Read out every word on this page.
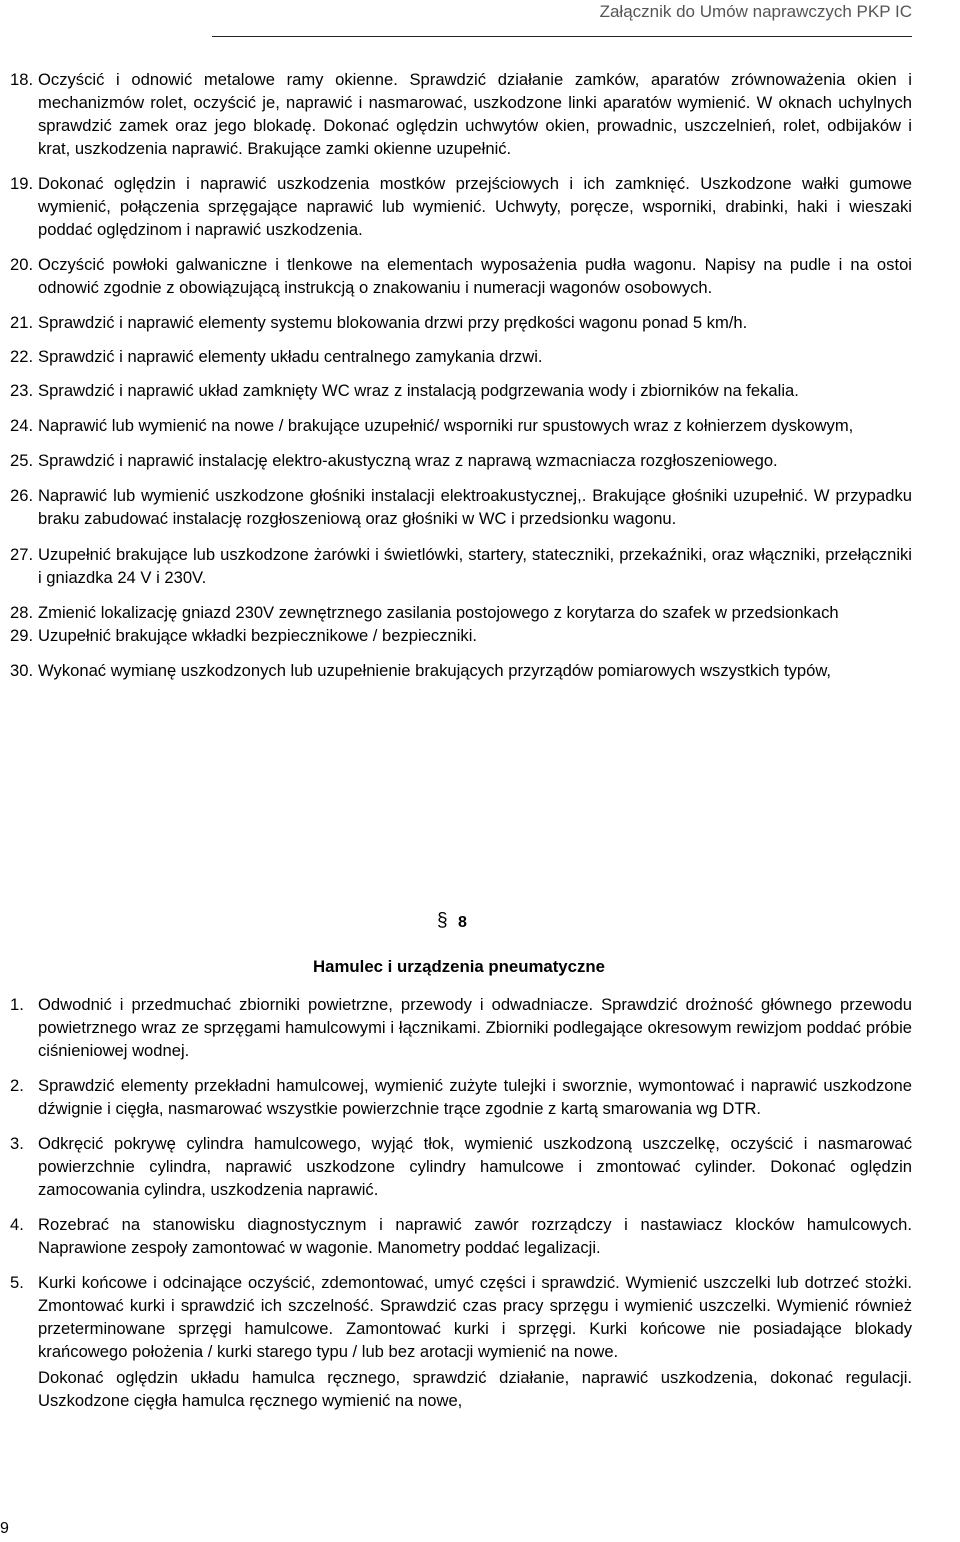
Załącznik do Umów naprawczych PKP IC
18. Oczyścić i odnowić metalowe ramy okienne. Sprawdzić działanie zamków, aparatów zrównoważenia okien i mechanizmów rolet, oczyścić je, naprawić i nasmarować, uszkodzone linki aparatów wymienić. W oknach uchylnych sprawdzić zamek oraz jego blokadę. Dokonać oględzin uchwytów okien, prowadnic, uszczelnień, rolet, odbijaków i krat, uszkodzenia naprawić. Brakujące zamki okienne uzupełnić.
19. Dokonać oględzin i naprawić uszkodzenia mostków przejściowych i ich zamknięć. Uszkodzone wałki gumowe wymienić, połączenia sprzęgające naprawić lub wymienić. Uchwyty, poręcze, wsporniki, drabinki, haki i wieszaki poddać oględzinom i naprawić uszkodzenia.
20. Oczyścić powłoki galwaniczne i tlenkowe na elementach wyposażenia pudła wagonu. Napisy na pudle i na ostoi odnowić zgodnie z obowiązującą instrukcją o znakowaniu i numeracji wagonów osobowych.
21. Sprawdzić i naprawić elementy systemu blokowania drzwi przy prędkości wagonu ponad 5 km/h.
22. Sprawdzić i naprawić elementy układu centralnego zamykania drzwi.
23. Sprawdzić i naprawić układ zamknięty WC wraz z instalacją podgrzewania wody i zbiorników na fekalia.
24. Naprawić lub wymienić na nowe / brakujące uzupełnić/ wsporniki rur spustowych wraz z kołnierzem dyskowym,
25. Sprawdzić i naprawić instalację elektro-akustyczną wraz z naprawą wzmacniacza rozgłoszeniowego.
26. Naprawić lub wymienić uszkodzone głośniki instalacji elektroakustycznej,. Brakujące głośniki uzupełnić. W przypadku braku zabudować instalację rozgłoszeniową oraz głośniki w WC i przedsionku wagonu.
27. Uzupełnić brakujące lub uszkodzone żarówki i świetlówki, startery, stateczniki, przekaźniki, oraz włączniki, przełączniki i gniazdka 24 V i 230V.
28. Zmienić lokalizację gniazd 230V zewnętrznego zasilania postojowego z korytarza do szafek w przedsionkach
29. Uzupełnić brakujące wkładki bezpiecznikowe / bezpieczniki.
30. Wykonać wymianę uszkodzonych lub uzupełnienie brakujących przyrządów pomiarowych wszystkich typów,
§ 8
Hamulec i urządzenia pneumatyczne
1. Odwodnić i przedmuchać zbiorniki powietrzne, przewody i odwadniacze. Sprawdzić drożność głównego przewodu powietrznego wraz ze sprzęgami hamulcowymi i łącznikami. Zbiorniki podlegające okresowym rewizjom poddać próbie ciśnieniowej wodnej.
2. Sprawdzić elementy przekładni hamulcowej, wymienić zużyte tulejki i sworznie, wymontować i naprawić uszkodzone dźwignie i cięgła, nasmarować wszystkie powierzchnie trące zgodnie z kartą smarowania wg DTR.
3. Odkręcić pokrywę cylindra hamulcowego, wyjąć tłok, wymienić uszkodzoną uszczelkę, oczyścić i nasmarować powierzchnie cylindra, naprawić uszkodzone cylindry hamulcowe i zmontować cylinder. Dokonać oględzin zamocowania cylindra, uszkodzenia naprawić.
4. Rozebrać na stanowisku diagnostycznym i naprawić zawór rozrządczy i nastawiacz klocków hamulcowych. Naprawione zespoły zamontować w wagonie. Manometry poddać legalizacji.
5. Kurki końcowe i odcinające oczyścić, zdemontować, umyć części i sprawdzić. Wymienić uszczelki lub dotrzeć stożki. Zmontować kurki i sprawdzić ich szczelność. Sprawdzić czas pracy sprzęgu i wymienić uszczelki. Wymienić również przeterminowane sprzęgi hamulcowe. Zamontować kurki i sprzęgi. Kurki końcowe nie posiadające blokady krańcowego położenia / kurki starego typu / lub bez arotacji wymienić na nowe.
Dokonać oględzin układu hamulca ręcznego, sprawdzić działanie, naprawić uszkodzenia, dokonać regulacji. Uszkodzone cięgła hamulca ręcznego wymienić na nowe,
9
